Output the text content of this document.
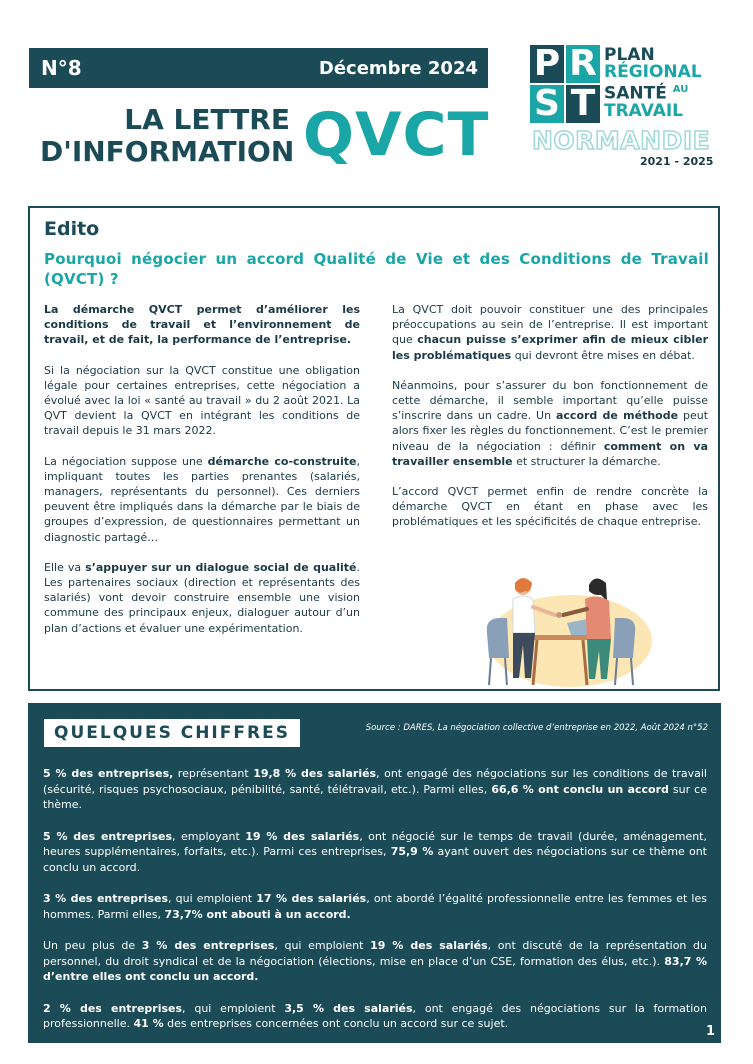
N°8	Décembre 2024
LA LETTRE
D'INFORMATION QVCT
P R
S T
PLAN
RÉGIONAL
SANTÉ $^{AU}$
TRAVAIL
NORMANDIE
2021 - 2025
Edito
Pourquoi négocier un accord Qualité de Vie et des Conditions de Travail (QVCT) ?

La démarche QVCT permet d’améliorer les conditions de travail et l’environnement de travail, et de fait, la performance de l’entreprise.

Si la négociation sur la QVCT constitue une obligation légale pour certaines entreprises, cette négociation a évolué avec la loi « santé au travail » du 2 août 2021. La QVT devient la QVCT en intégrant les conditions de travail depuis le 31 mars 2022.

La négociation suppose une démarche co-construite, impliquant toutes les parties prenantes (salariés, managers, représentants du personnel). Ces derniers peuvent être impliqués dans la démarche par le biais de groupes d’expression, de questionnaires permettant un diagnostic partagé…

Elle va s’appuyer sur un dialogue social de qualité. Les partenaires sociaux (direction et représentants des salariés) vont devoir construire ensemble une vision commune des principaux enjeux, dialoguer autour d’un plan d’actions et évaluer une expérimentation.

La QVCT doit pouvoir constituer une des principales préoccupations au sein de l’entreprise. Il est important que chacun puisse s’exprimer afin de mieux cibler les problématiques qui devront être mises en débat.

Néanmoins, pour s’assurer du bon fonctionnement de cette démarche, il semble important qu’elle puisse s’inscrire dans un cadre. Un accord de méthode peut alors fixer les règles du fonctionnement. C’est le premier niveau de la négociation : définir comment on va travailler ensemble et structurer la démarche.

L’accord QVCT permet enfin de rendre concrète la démarche QVCT en étant en phase avec les problématiques et les spécificités de chaque entreprise.

QUELQUES CHIFFRES	Source : DARES, La négociation collective d’entreprise en 2022, Août 2024 n°52

5 % des entreprises, représentant 19,8 % des salariés, ont engagé des négociations sur les conditions de travail (sécurité, risques psychosociaux, pénibilité, santé, télétravail, etc.). Parmi elles, 66,6 % ont conclu un accord sur ce thème.

5 % des entreprises, employant 19 % des salariés, ont négocié sur le temps de travail (durée, aménagement, heures supplémentaires, forfaits, etc.). Parmi ces entreprises, 75,9 % ayant ouvert des négociations sur ce thème ont conclu un accord.

3 % des entreprises, qui emploient 17 % des salariés, ont abordé l’égalité professionnelle entre les femmes et les hommes. Parmi elles, 73,7% ont abouti à un accord.

Un peu plus de 3 % des entreprises, qui emploient 19 % des salariés, ont discuté de la représentation du personnel, du droit syndical et de la négociation (élections, mise en place d’un CSE, formation des élus, etc.). 83,7 % d’entre elles ont conclu un accord.

2 % des entreprises, qui emploient 3,5 % des salariés, ont engagé des négociations sur la formation professionnelle. 41 % des entreprises concernées ont conclu un accord sur ce sujet.

1
